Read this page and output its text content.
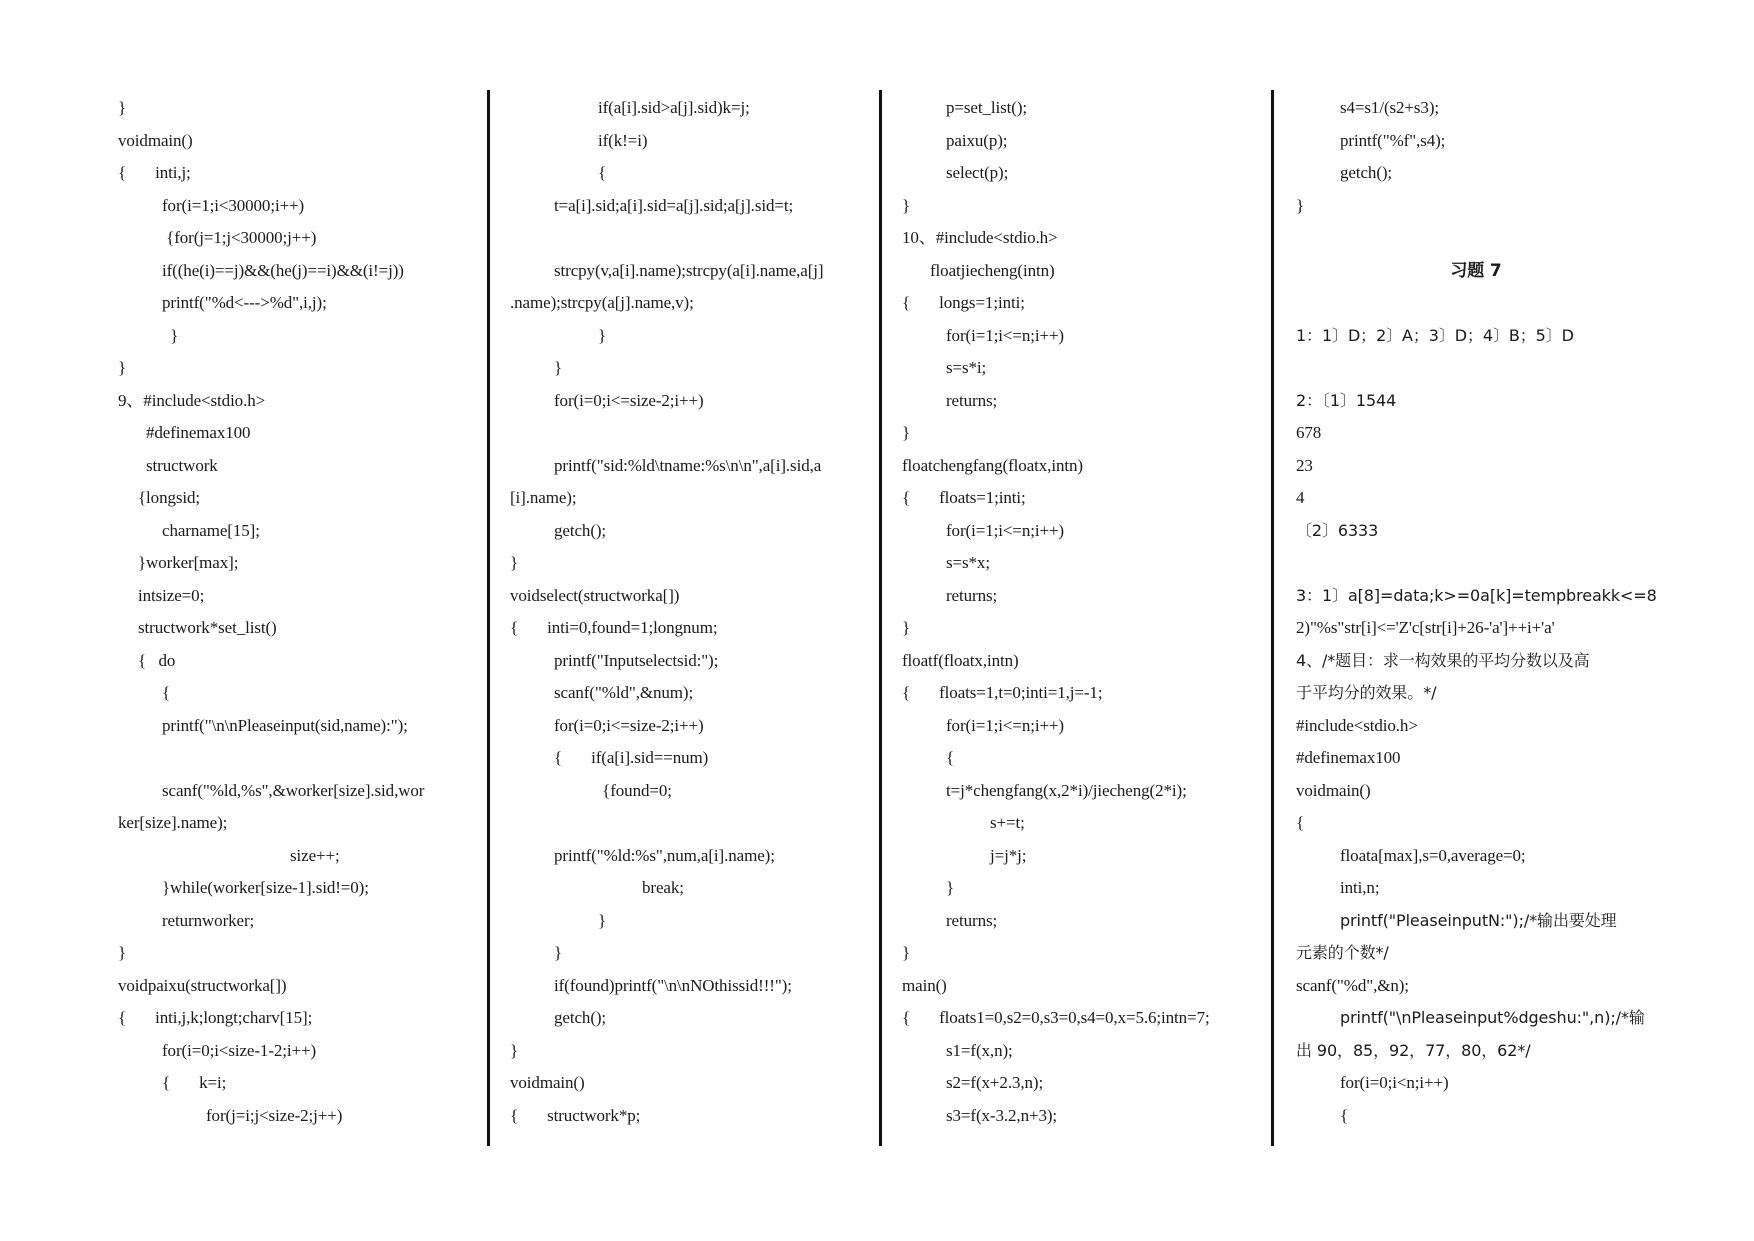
}
voidmain()
{       inti,j;
for(i=1;i<30000;i++)
{for(j=1;j<30000;j++)
if((he(i)==j)&&(he(j)==i)&&(i!=j))
printf("%d<--->%d",i,j);
}
}
9、#include<stdio.h>
#definemax100
structwork
{longsid;
charname[15];
}worker[max];
intsize=0;
structwork*set_list()
{   do
{
printf("\n\nPleaseinput(sid,name):");
scanf("%ld,%s",&worker[size].sid,wor
ker[size].name);
size++;
}while(worker[size-1].sid!=0);
returnworker;
}
voidpaixu(structworka[])
{       inti,j,k;longt;charv[15];
for(i=0;i<size-1-2;i++)
{       k=i;
for(j=i;j<size-2;j++)
if(a[i].sid>a[j].sid)k=j;
if(k!=i)
{
t=a[i].sid;a[i].sid=a[j].sid;a[j].sid=t;
strcpy(v,a[i].name);strcpy(a[i].name,a[j]
.name);strcpy(a[j].name,v);
}
}
for(i=0;i<=size-2;i++)
printf("sid:%ld\tname:%s\n\n",a[i].sid,a
[i].name);
getch();
}
voidselect(structworka[])
{       inti=0,found=1;longnum;
printf("Inputselectsid:");
scanf("%ld",&num);
for(i=0;i<=size-2;i++)
{       if(a[i].sid==num)
{found=0;
printf("%ld:%s",num,a[i].name);
break;
}
}
if(found)printf("\n\nNOthissid!!!");
getch();
}
voidmain()
{       structwork*p;
p=set_list();
paixu(p);
select(p);
}
10、#include<stdio.h>
floatjiecheng(intn)
{       longs=1;inti;
for(i=1;i<=n;i++)
s=s*i;
returns;
}
floatchengfang(floatx,intn)
{       floats=1;inti;
for(i=1;i<=n;i++)
s=s*x;
returns;
}
floatf(floatx,intn)
{       floats=1,t=0;inti=1,j=-1;
for(i=1;i<=n;i++)
{
t=j*chengfang(x,2*i)/jiecheng(2*i);
s+=t;
j=j*j;
}
returns;
}
main()
{       floats1=0,s2=0,s3=0,s4=0,x=5.6;intn=7;
s1=f(x,n);
s2=f(x+2.3,n);
s3=f(x-3.2,n+3);
s4=s1/(s2+s3);
printf("%f",s4);
getch();
}
习题 7
1：1〕D；2〕A；3〕D；4〕B；5〕D
2：〔1〕1544
678
23
4
〔2〕6333
3：1〕a[8]=data;k>=0a[k]=tempbreakk<=8
2)"%s"str[i]<='Z'c[str[i]+26-'a']++i+'a'
4、/*题目：求一构效果的平均分数以及高
于平均分的效果。*/
#include<stdio.h>
#definemax100
voidmain()
{
floata[max],s=0,average=0;
inti,n;
printf("PleaseinputN:");/*输出要处理
元素的个数*/
scanf("%d",&n);
printf("\nPleaseinput%dgeshu:",n);/*输
出 90，85，92，77，80，62*/
for(i=0;i<n;i++)
{
